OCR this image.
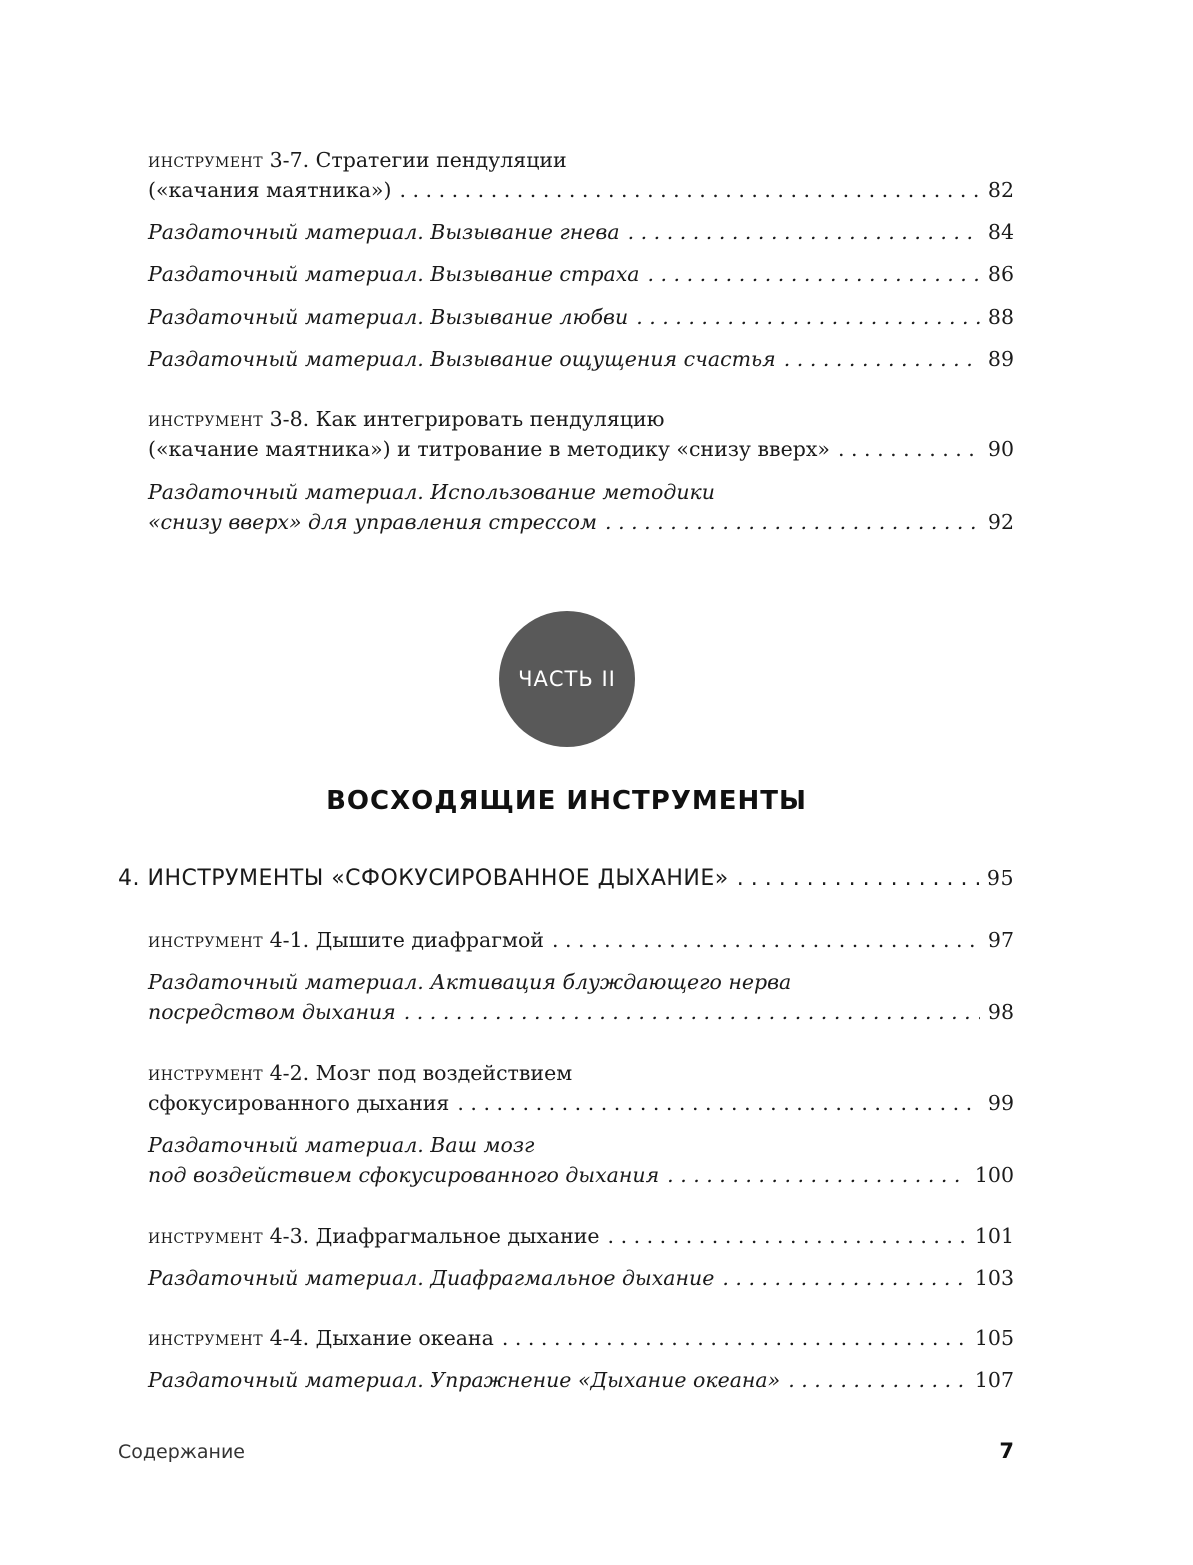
инструмент 3-7. Стратегии пендуляции
(«качания маятника») . . .	82
Раздаточный материал. Вызывание гнева . . .	84
Раздаточный материал. Вызывание страха . . .	86
Раздаточный материал. Вызывание любви . . .	88
Раздаточный материал. Вызывание ощущения счастья . . .	89
инструмент 3-8. Как интегрировать пендуляцию
(«качание маятника») и титрование в методику «снизу вверх» . . .	90
Раздаточный материал. Использование методики
«снизу вверх» для управления стрессом . . .	92
ЧАСТЬ II
ВОСХОДЯЩИЕ ИНСТРУМЕНТЫ
4. ИНСТРУМЕНТЫ «СФОКУСИРОВАННОЕ ДЫХАНИЕ» . . .	95
инструмент 4-1. Дышите диафрагмой . . .	97
Раздаточный материал. Активация блуждающего нерва
посредством дыхания . . .	98
инструмент 4-2. Мозг под воздействием
сфокусированного дыхания . . .	99
Раздаточный материал. Ваш мозг
под воздействием сфокусированного дыхания . . .	100
инструмент 4-3. Диафрагмальное дыхание . . .	101
Раздаточный материал. Диафрагмальное дыхание . . .	103
инструмент 4-4. Дыхание океана . . .	105
Раздаточный материал. Упражнение «Дыхание океана» . . .	107
Содержание	7
